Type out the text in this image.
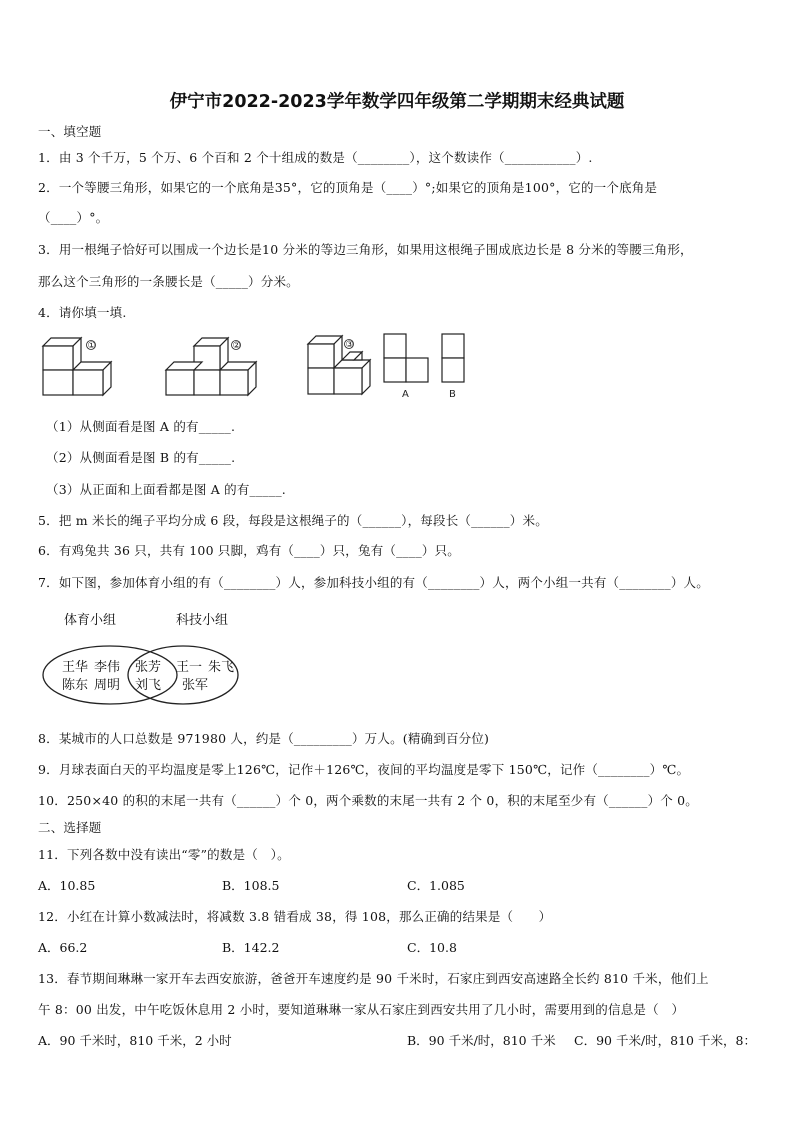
伊宁市2022-2023学年数学四年级第二学期期末经典试题
一、填空题
1．由 3 个千万，5 个万、6 个百和 2 个十组成的数是（________），这个数读作（___________）.
2．一个等腰三角形，如果它的一个底角是35°，它的顶角是（____）°;如果它的顶角是100°，它的一个底角是
（____）°。
3．用一根绳子恰好可以围成一个边长是10 分米的等边三角形，如果用这根绳子围成底边长是 8 分米的等腰三角形，
那么这个三角形的一条腰长是（_____）分米。
4．请你填一填.
①	②	③
A	B
（1）从侧面看是图 A 的有_____.
（2）从侧面看是图 B 的有_____.
（3）从正面和上面看都是图 A 的有_____.
5．把 m 米长的绳子平均分成 6 段，每段是这根绳子的（______），每段长（______）米。
6．有鸡兔共 36 只，共有 100 只脚，鸡有（____）只，兔有（____）只。
7．如下图，参加体育小组的有（________）人，参加科技小组的有（________）人，两个小组一共有（________）人。
体育小组	科技小组
王华 李伟
陈东 周明
张芳
刘飞
王一 朱飞
张军
8．某城市的人口总数是 971980 人，约是（_________）万人。(精确到百分位)
9．月球表面白天的平均温度是零上126℃，记作＋126℃，夜间的平均温度是零下 150℃，记作（________）℃。
10．250×40 的积的末尾一共有（______）个 0，两个乘数的末尾一共有 2 个 0，积的末尾至少有（______）个 0。
二、选择题
11．下列各数中没有读出“零”的数是（　）。
A．10.85	B．108.5	C．1.085
12．小红在计算小数减法时，将减数 3.8 错看成 38，得 108，那么正确的结果是（　　）
A．66.2	B．142.2	C．10.8
13．春节期间琳琳一家开车去西安旅游，爸爸开车速度约是 90 千米时，石家庄到西安高速路全长约 810 千米，他们上
午 8：00 出发，中午吃饭休息用 2 小时，要知道琳琳一家从石家庄到西安共用了几小时，需要用到的信息是（　）
A．90 千米时，810 千米，2 小时	B．90 千米/时，810 千米 C．90 千米/时，810 千米，8：
